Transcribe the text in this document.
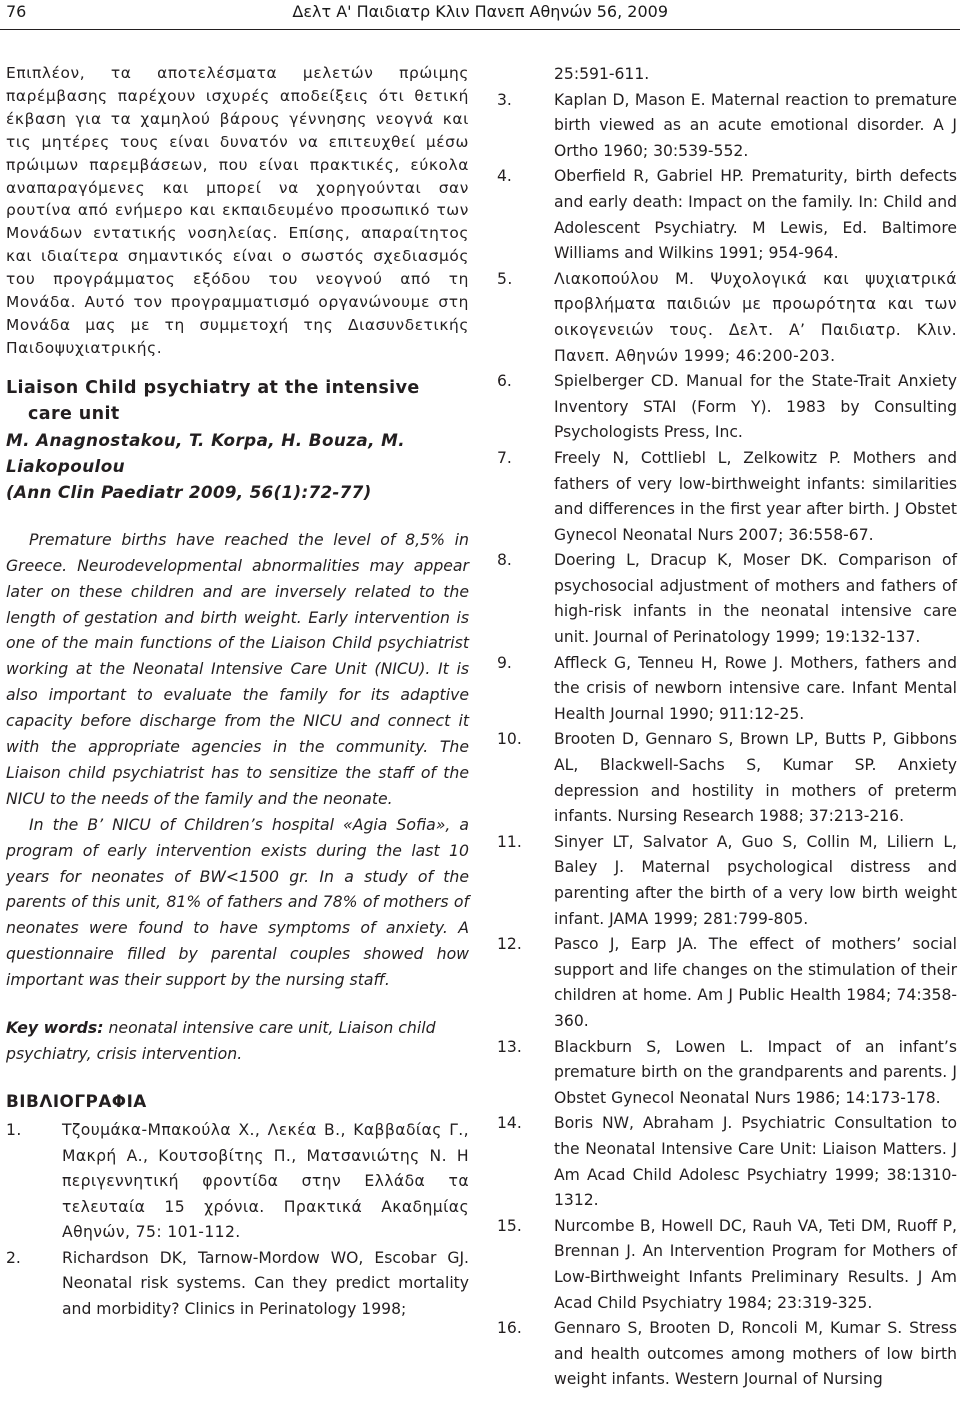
76	Δελτ Α' Παιδιατρ Κλιν Πανεπ Αθηνών 56, 2009

Επιπλέον, τα αποτελέσματα μελετών πρώιμης παρέμβασης παρέχουν ισχυρές αποδείξεις ότι θετική έκβαση για τα χαμηλού βάρους γέννησης νεογνά και τις μητέρες τους είναι δυνατόν να επιτευχθεί μέσω πρώιμων παρεμβάσεων, που είναι πρακτικές, εύκολα αναπαραγόμενες και μπορεί να χορηγούνται σαν ρουτίνα από ενήμερο και εκπαιδευμένο προσωπικό των Μονάδων εντατικής νοσηλείας. Επίσης, απαραίτητος και ιδιαίτερα σημαντικός είναι ο σωστός σχεδιασμός του προγράμματος εξόδου του νεογνού από τη Μονάδα. Αυτό τον προγραμματισμό οργανώνουμε στη Μονάδα μας με τη συμμετοχή της Διασυνδετικής Παιδοψυχιατρικής.

Liaison Child psychiatry at the intensive
care unit

M. Anagnostakou, T. Korpa, H. Bouza, M. Liakopoulou

(Ann Clin Paediatr 2009, 56(1):72-77)

Premature births have reached the level of 8,5% in Greece. Neurodevelopmental abnormalities may appear later on these children and are inversely related to the length of gestation and birth weight. Early intervention is one of the main functions of the Liaison Child psychiatrist working at the Neonatal Intensive Care Unit (NICU). It is also important to evaluate the family for its adaptive capacity before discharge from the NICU and connect it with the appropriate agencies in the community. The Liaison child psychiatrist has to sensitize the staff of the NICU to the needs of the family and the neonate.

In the B’ NICU of Children’s hospital «Agia Sofia», a program of early intervention exists during the last 10 years for neonates of BW<1500 gr. In a study of the parents of this unit, 81% of fathers and 78% of mothers of neonates were found to have symptoms of anxiety. A questionnaire filled by parental couples showed how important was their support by the nursing staff.

Key words: neonatal intensive care unit, Liaison child psychiatry, crisis intervention.

ΒΙΒΛΙΟΓΡΑΦΙΑ
1.	Τζουμάκα-Μπακούλα Χ., Λεκέα Β., Καββαδίας Γ., Μακρή Α., Κουτσοβίτης Π., Ματσανιώτης Ν. Η περιγεννητική φροντίδα στην Ελλάδα τα τελευταία 15 χρόνια. Πρακτικά Ακαδημίας Αθηνών, 75: 101-112.
2.	Richardson DK, Tarnow-Mordow WO, Escobar GJ. Neonatal risk systems. Can they predict mortality and morbidity? Clinics in Perinatology 1998;
25:591-611.
3.	Kaplan D, Mason E. Maternal reaction to premature birth viewed as an acute emotional disorder. A J Ortho 1960; 30:539-552.
4.	Oberfield R, Gabriel HP. Prematurity, birth defects and early death: Impact on the family. In: Child and Adolescent Psychiatry. M Lewis, Ed. Baltimore Williams and Wilkins 1991; 954-964.
5.	Λιακοπούλου Μ. Ψυχολογικά και ψυχιατρικά προβλήματα παιδιών με προωρότητα και των οικογενειών τους. Δελτ. Α’ Παιδιατρ. Κλιν. Πανεπ. Αθηνών 1999; 46:200-203.
6.	Spielberger CD. Manual for the State-Trait Anxiety Inventory STAI (Form Y). 1983 by Consulting Psychologists Press, Inc.
7.	Freely N, Cottliebl L, Zelkowitz P. Mothers and fathers of very low-birthweight infants: similarities and differences in the first year after birth. J Obstet Gynecol Neonatal Nurs 2007; 36:558-67.
8.	Doering L, Dracup K, Moser DK. Comparison of psychosocial adjustment of mothers and fathers of high-risk infants in the neonatal intensive care unit. Journal of Perinatology 1999; 19:132-137.
9.	Affleck G, Tenneu H, Rowe J. Mothers, fathers and the crisis of newborn intensive care. Infant Mental Health Journal 1990; 911:12-25.
10. Brooten D, Gennaro S, Brown LP, Butts P, Gibbons AL, Blackwell-Sachs S, Kumar SP. Anxiety depression and hostility in mothers of preterm infants. Nursing Research 1988; 37:213-216.
11. Sinyer LT, Salvator A, Guo S, Collin M, Liliern L, Baley J. Maternal psychological distress and parenting after the birth of a very low birth weight infant. JAMA 1999; 281:799-805.
12. Pasco J, Earp JA. The effect of mothers’ social support and life changes on the stimulation of their children at home. Am J Public Health 1984; 74:358-360.
13. Blackburn S, Lowen L. Impact of an infant’s premature birth on the grandparents and parents. J Obstet Gynecol Neonatal Nurs 1986; 14:173-178.
14. Boris NW, Abraham J. Psychiatric Consultation to the Neonatal Intensive Care Unit: Liaison Matters. J Am Acad Child Adolesc Psychiatry 1999; 38:1310-1312.
15. Nurcombe B, Howell DC, Rauh VA, Teti DM, Ruoff P, Brennan J. An Intervention Program for Mothers of Low-Birthweight Infants Preliminary Results. J Am Acad Child Psychiatry 1984; 23:319-325.
16. Gennaro S, Brooten D, Roncoli M, Kumar S. Stress and health outcomes among mothers of low birth weight infants. Western Journal of Nursing
